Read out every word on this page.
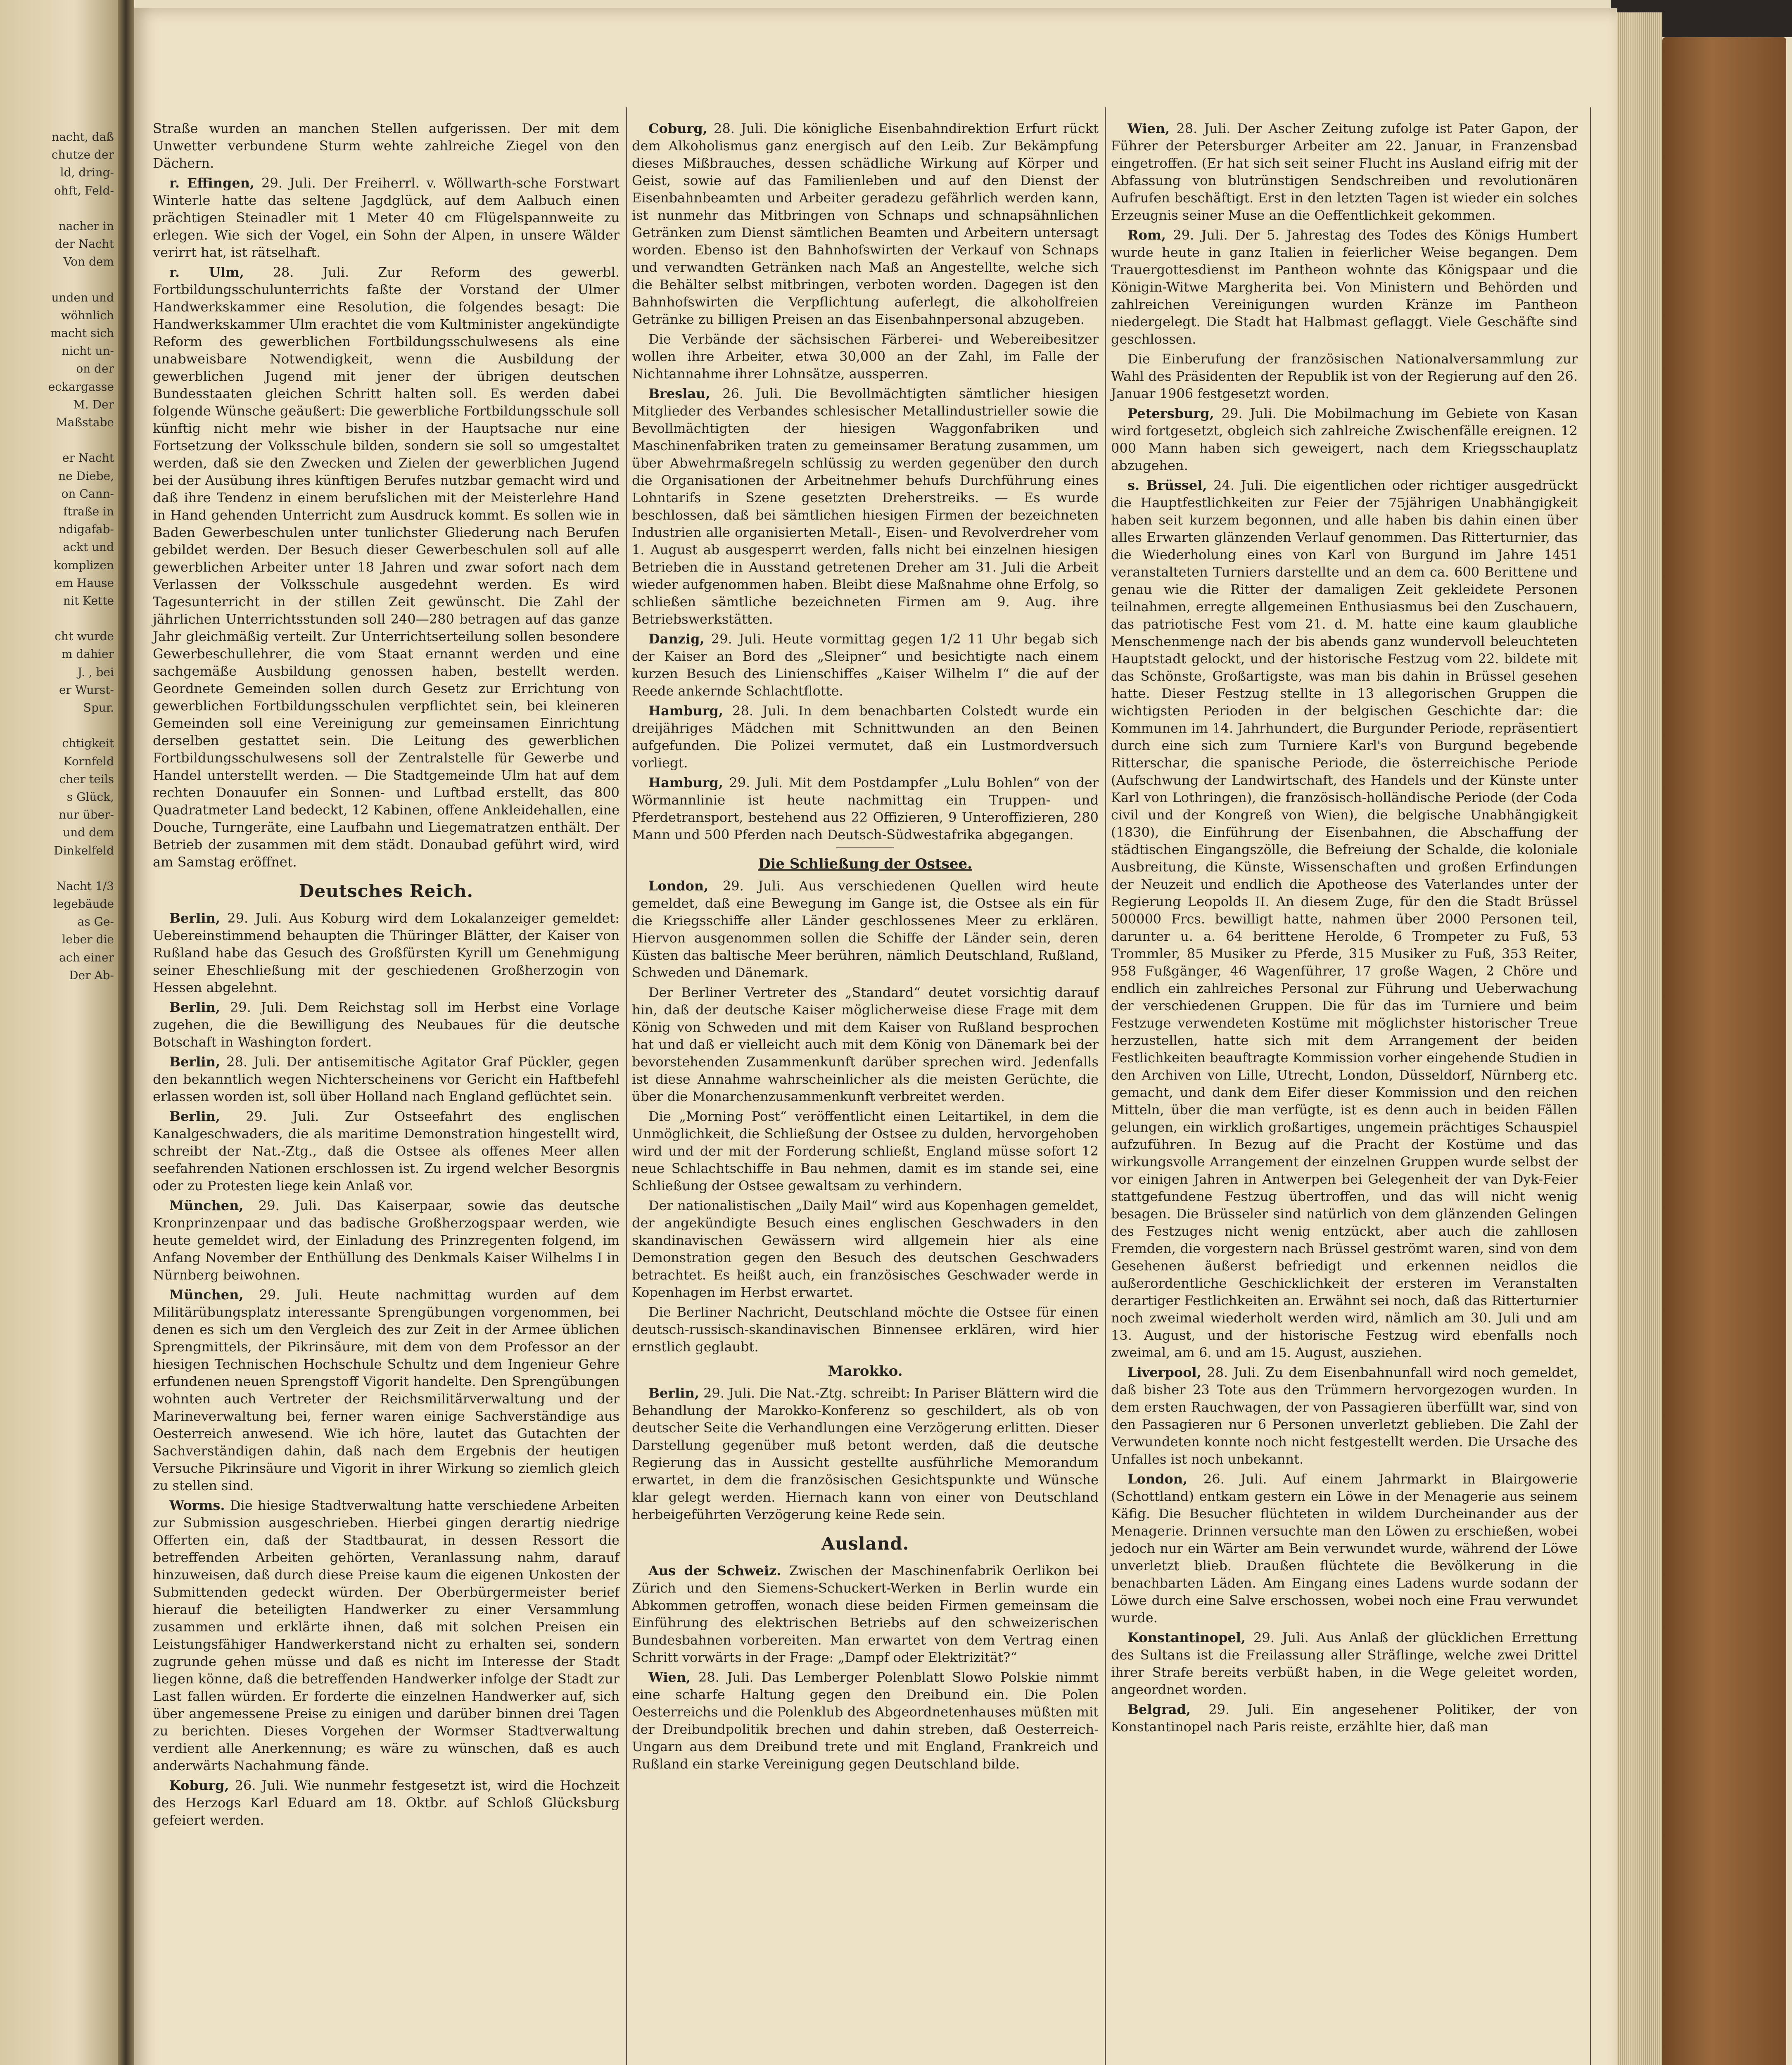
nacht, daß
chutze der
ld, dring-
ohft, Feld-
nacher in
der Nacht
Von dem
unden und
wöhnlich
macht sich
nicht un-
on der
eckargasse
M. Der
Maßstabe
er Nacht
ne Diebe,
on Cann-
ftraße in
ndigafab-
ackt und
komplizen
em Hause
nit Kette
cht wurde
m dahier
J. , bei
er Wurst-
Spur.
chtigkeit
Kornfeld
cher teils
s Glück,
nur über-
und dem
Dinkelfeld
Nacht 1/3
legebäude
as Ge-
leber die
ach einer
Der Ab-

Straße wurden an manchen Stellen aufgerissen. Der mit dem Unwetter verbundene Sturm wehte zahlreiche Ziegel von den Dächern.

r. Effingen, 29. Juli. Der Freiherrl. v. Wöllwarth-sche Forstwart Winterle hatte das seltene Jagdglück, auf dem Aalbuch einen prächtigen Steinadler mit 1 Meter 40 cm Flügelspannweite zu erlegen. Wie sich der Vogel, ein Sohn der Alpen, in unsere Wälder verirrt hat, ist rätselhaft.

r. Ulm, 28. Juli. Zur Reform des gewerbl. Fortbildungsschulunterrichts faßte der Vorstand der Ulmer Handwerkskammer eine Resolution, die folgendes besagt: Die Handwerkskammer Ulm erachtet die vom Kultminister angekündigte Reform des gewerblichen Fortbildungsschulwesens als eine unabweisbare Notwendigkeit, wenn die Ausbildung der gewerblichen Jugend mit jener der übrigen deutschen Bundesstaaten gleichen Schritt halten soll. Es werden dabei folgende Wünsche geäußert: Die gewerbliche Fortbildungsschule soll künftig nicht mehr wie bisher in der Hauptsache nur eine Fortsetzung der Volksschule bilden, sondern sie soll so umgestaltet werden, daß sie den Zwecken und Zielen der gewerblichen Jugend bei der Ausübung ihres künftigen Berufes nutzbar gemacht wird und daß ihre Tendenz in einem berufslichen mit der Meisterlehre Hand in Hand gehenden Unterricht zum Ausdruck kommt. Es sollen wie in Baden Gewerbeschulen unter tunlichster Gliederung nach Berufen gebildet werden. Der Besuch dieser Gewerbeschulen soll auf alle gewerblichen Arbeiter unter 18 Jahren und zwar sofort nach dem Verlassen der Volksschule ausgedehnt werden. Es wird Tagesunterricht in der stillen Zeit gewünscht. Die Zahl der jährlichen Unterrichtsstunden soll 240—280 betragen auf das ganze Jahr gleichmäßig verteilt. Zur Unterrichtserteilung sollen besondere Gewerbeschullehrer, die vom Staat ernannt werden und eine sachgemäße Ausbildung genossen haben, bestellt werden. Geordnete Gemeinden sollen durch Gesetz zur Errichtung von gewerblichen Fortbildungsschulen verpflichtet sein, bei kleineren Gemeinden soll eine Vereinigung zur gemeinsamen Einrichtung derselben gestattet sein. Die Leitung des gewerblichen Fortbildungsschulwesens soll der Zentralstelle für Gewerbe und Handel unterstellt werden. — Die Stadtgemeinde Ulm hat auf dem rechten Donauufer ein Sonnen- und Luftbad erstellt, das 800 Quadratmeter Land bedeckt, 12 Kabinen, offene Ankleidehallen, eine Douche, Turngeräte, eine Laufbahn und Liegematratzen enthält. Der Betrieb der zusammen mit dem städt. Donaubad geführt wird, wird am Samstag eröffnet.

Deutsches Reich.

Berlin, 29. Juli. Aus Koburg wird dem Lokalanzeiger gemeldet: Uebereinstimmend behaupten die Thüringer Blätter, der Kaiser von Rußland habe das Gesuch des Großfürsten Kyrill um Genehmigung seiner Eheschließung mit der geschiedenen Großherzogin von Hessen abgelehnt.

Berlin, 29. Juli. Dem Reichstag soll im Herbst eine Vorlage zugehen, die die Bewilligung des Neubaues für die deutsche Botschaft in Washington fordert.

Berlin, 28. Juli. Der antisemitische Agitator Graf Pückler, gegen den bekanntlich wegen Nichterscheinens vor Gericht ein Haftbefehl erlassen worden ist, soll über Holland nach England geflüchtet sein.

Berlin, 29. Juli. Zur Ostseefahrt des englischen Kanalgeschwaders, die als maritime Demonstration hingestellt wird, schreibt der Nat.-Ztg., daß die Ostsee als offenes Meer allen seefahrenden Nationen erschlossen ist. Zu irgend welcher Besorgnis oder zu Protesten liege kein Anlaß vor.

München, 29. Juli. Das Kaiserpaar, sowie das deutsche Kronprinzenpaar und das badische Großherzogspaar werden, wie heute gemeldet wird, der Einladung des Prinzregenten folgend, im Anfang November der Enthüllung des Denkmals Kaiser Wilhelms I in Nürnberg beiwohnen.

München, 29. Juli. Heute nachmittag wurden auf dem Militärübungsplatz interessante Sprengübungen vorgenommen, bei denen es sich um den Vergleich des zur Zeit in der Armee üblichen Sprengmittels, der Pikrinsäure, mit dem von dem Professor an der hiesigen Technischen Hochschule Schultz und dem Ingenieur Gehre erfundenen neuen Sprengstoff Vigorit handelte. Den Sprengübungen wohnten auch Vertreter der Reichsmilitärverwaltung und der Marineverwaltung bei, ferner waren einige Sachverständige aus Oesterreich anwesend. Wie ich höre, lautet das Gutachten der Sachverständigen dahin, daß nach dem Ergebnis der heutigen Versuche Pikrinsäure und Vigorit in ihrer Wirkung so ziemlich gleich zu stellen sind.

Worms. Die hiesige Stadtverwaltung hatte verschiedene Arbeiten zur Submission ausgeschrieben. Hierbei gingen derartig niedrige Offerten ein, daß der Stadtbaurat, in dessen Ressort die betreffenden Arbeiten gehörten, Veranlassung nahm, darauf hinzuweisen, daß durch diese Preise kaum die eigenen Unkosten der Submittenden gedeckt würden. Der Oberbürgermeister berief hierauf die beteiligten Handwerker zu einer Versammlung zusammen und erklärte ihnen, daß mit solchen Preisen ein Leistungsfähiger Handwerkerstand nicht zu erhalten sei, sondern zugrunde gehen müsse und daß es nicht im Interesse der Stadt liegen könne, daß die betreffenden Handwerker infolge der Stadt zur Last fallen würden. Er forderte die einzelnen Handwerker auf, sich über angemessene Preise zu einigen und darüber binnen drei Tagen zu berichten. Dieses Vorgehen der Wormser Stadtverwaltung verdient alle Anerkennung; es wäre zu wünschen, daß es auch anderwärts Nachahmung fände.

Koburg, 26. Juli. Wie nunmehr festgesetzt ist, wird die Hochzeit des Herzogs Karl Eduard am 18. Oktbr. auf Schloß Glücksburg gefeiert werden.

Coburg, 28. Juli. Die königliche Eisenbahndirektion Erfurt rückt dem Alkoholismus ganz energisch auf den Leib. Zur Bekämpfung dieses Mißbrauches, dessen schädliche Wirkung auf Körper und Geist, sowie auf das Familienleben und auf den Dienst der Eisenbahnbeamten und Arbeiter geradezu gefährlich werden kann, ist nunmehr das Mitbringen von Schnaps und schnapsähnlichen Getränken zum Dienst sämtlichen Beamten und Arbeitern untersagt worden. Ebenso ist den Bahnhofswirten der Verkauf von Schnaps und verwandten Getränken nach Maß an Angestellte, welche sich die Behälter selbst mitbringen, verboten worden. Dagegen ist den Bahnhofswirten die Verpflichtung auferlegt, die alkoholfreien Getränke zu billigen Preisen an das Eisenbahnpersonal abzugeben.

Die Verbände der sächsischen Färberei- und Webereibesitzer wollen ihre Arbeiter, etwa 30,000 an der Zahl, im Falle der Nichtannahme ihrer Lohnsätze, aussperren.

Breslau, 26. Juli. Die Bevollmächtigten sämtlicher hiesigen Mitglieder des Verbandes schlesischer Metallindustrieller sowie die Bevollmächtigten der hiesigen Waggonfabriken und Maschinenfabriken traten zu gemeinsamer Beratung zusammen, um über Abwehrmaßregeln schlüssig zu werden gegenüber den durch die Organisationen der Arbeitnehmer behufs Durchführung eines Lohntarifs in Szene gesetzten Dreherstreiks. — Es wurde beschlossen, daß bei sämtlichen hiesigen Firmen der bezeichneten Industrien alle organisierten Metall-, Eisen- und Revolverdreher vom 1. August ab ausgesperrt werden, falls nicht bei einzelnen hiesigen Betrieben die in Ausstand getretenen Dreher am 31. Juli die Arbeit wieder aufgenommen haben. Bleibt diese Maßnahme ohne Erfolg, so schließen sämtliche bezeichneten Firmen am 9. Aug. ihre Betriebswerkstätten.

Danzig, 29. Juli. Heute vormittag gegen 1/2 11 Uhr begab sich der Kaiser an Bord des „Sleipner“ und besichtigte nach einem kurzen Besuch des Linienschiffes „Kaiser Wilhelm I“ die auf der Reede ankernde Schlachtflotte.

Hamburg, 28. Juli. In dem benachbarten Colstedt wurde ein dreijähriges Mädchen mit Schnittwunden an den Beinen aufgefunden. Die Polizei vermutet, daß ein Lustmordversuch vorliegt.

Hamburg, 29. Juli. Mit dem Postdampfer „Lulu Bohlen“ von der Wörmannlinie ist heute nachmittag ein Truppen- und Pferdetransport, bestehend aus 22 Offizieren, 9 Unteroffizieren, 280 Mann und 500 Pferden nach Deutsch-Südwestafrika abgegangen.

Die Schließung der Ostsee.

London, 29. Juli. Aus verschiedenen Quellen wird heute gemeldet, daß eine Bewegung im Gange ist, die Ostsee als ein für die Kriegsschiffe aller Länder geschlossenes Meer zu erklären. Hiervon ausgenommen sollen die Schiffe der Länder sein, deren Küsten das baltische Meer berühren, nämlich Deutschland, Rußland, Schweden und Dänemark.

Der Berliner Vertreter des „Standard“ deutet vorsichtig darauf hin, daß der deutsche Kaiser möglicherweise diese Frage mit dem König von Schweden und mit dem Kaiser von Rußland besprochen hat und daß er vielleicht auch mit dem König von Dänemark bei der bevorstehenden Zusammenkunft darüber sprechen wird. Jedenfalls ist diese Annahme wahrscheinlicher als die meisten Gerüchte, die über die Monarchenzusammenkunft verbreitet werden.

Die „Morning Post“ veröffentlicht einen Leitartikel, in dem die Unmöglichkeit, die Schließung der Ostsee zu dulden, hervorgehoben wird und der mit der Forderung schließt, England müsse sofort 12 neue Schlachtschiffe in Bau nehmen, damit es im stande sei, eine Schließung der Ostsee gewaltsam zu verhindern.

Der nationalistischen „Daily Mail“ wird aus Kopenhagen gemeldet, der angekündigte Besuch eines englischen Geschwaders in den skandinavischen Gewässern wird allgemein hier als eine Demonstration gegen den Besuch des deutschen Geschwaders betrachtet. Es heißt auch, ein französisches Geschwader werde in Kopenhagen im Herbst erwartet.

Die Berliner Nachricht, Deutschland möchte die Ostsee für einen deutsch-russisch-skandinavischen Binnensee erklären, wird hier ernstlich geglaubt.

Marokko.

Berlin, 29. Juli. Die Nat.-Ztg. schreibt: In Pariser Blättern wird die Behandlung der Marokko-Konferenz so geschildert, als ob von deutscher Seite die Verhandlungen eine Verzögerung erlitten. Dieser Darstellung gegenüber muß betont werden, daß die deutsche Regierung das in Aussicht gestellte ausführliche Memorandum erwartet, in dem die französischen Gesichtspunkte und Wünsche klar gelegt werden. Hiernach kann von einer von Deutschland herbeigeführten Verzögerung keine Rede sein.

Ausland.

Aus der Schweiz. Zwischen der Maschinenfabrik Oerlikon bei Zürich und den Siemens-Schuckert-Werken in Berlin wurde ein Abkommen getroffen, wonach diese beiden Firmen gemeinsam die Einführung des elektrischen Betriebs auf den schweizerischen Bundesbahnen vorbereiten. Man erwartet von dem Vertrag einen Schritt vorwärts in der Frage: „Dampf oder Elektrizität?“

Wien, 28. Juli. Das Lemberger Polenblatt Slowo Polskie nimmt eine scharfe Haltung gegen den Dreibund ein. Die Polen Oesterreichs und die Polenklub des Abgeordnetenhauses müßten mit der Dreibundpolitik brechen und dahin streben, daß Oesterreich-Ungarn aus dem Dreibund trete und mit England, Frankreich und Rußland ein starke Vereinigung gegen Deutschland bilde.

Wien, 28. Juli. Der Ascher Zeitung zufolge ist Pater Gapon, der Führer der Petersburger Arbeiter am 22. Januar, in Franzensbad eingetroffen. (Er hat sich seit seiner Flucht ins Ausland eifrig mit der Abfassung von blutrünstigen Sendschreiben und revolutionären Aufrufen beschäftigt. Erst in den letzten Tagen ist wieder ein solches Erzeugnis seiner Muse an die Oeffentlichkeit gekommen.

Rom, 29. Juli. Der 5. Jahrestag des Todes des Königs Humbert wurde heute in ganz Italien in feierlicher Weise begangen. Dem Trauergottesdienst im Pantheon wohnte das Königspaar und die Königin-Witwe Margherita bei. Von Ministern und Behörden und zahlreichen Vereinigungen wurden Kränze im Pantheon niedergelegt. Die Stadt hat Halbmast geflaggt. Viele Geschäfte sind geschlossen.

Die Einberufung der französischen Nationalversammlung zur Wahl des Präsidenten der Republik ist von der Regierung auf den 26. Januar 1906 festgesetzt worden.

Petersburg, 29. Juli. Die Mobilmachung im Gebiete von Kasan wird fortgesetzt, obgleich sich zahlreiche Zwischenfälle ereignen. 12 000 Mann haben sich geweigert, nach dem Kriegsschauplatz abzugehen.

s. Brüssel, 24. Juli. Die eigentlichen oder richtiger ausgedrückt die Hauptfestlichkeiten zur Feier der 75jährigen Unabhängigkeit haben seit kurzem begonnen, und alle haben bis dahin einen über alles Erwarten glänzenden Verlauf genommen. Das Ritterturnier, das die Wiederholung eines von Karl von Burgund im Jahre 1451 veranstalteten Turniers darstellte und an dem ca. 600 Berittene und genau wie die Ritter der damaligen Zeit gekleidete Personen teilnahmen, erregte allgemeinen Enthusiasmus bei den Zuschauern, das patriotische Fest vom 21. d. M. hatte eine kaum glaubliche Menschenmenge nach der bis abends ganz wundervoll beleuchteten Hauptstadt gelockt, und der historische Festzug vom 22. bildete mit das Schönste, Großartigste, was man bis dahin in Brüssel gesehen hatte. Dieser Festzug stellte in 13 allegorischen Gruppen die wichtigsten Perioden in der belgischen Geschichte dar: die Kommunen im 14. Jahrhundert, die Burgunder Periode, repräsentiert durch eine sich zum Turniere Karl's von Burgund begebende Ritterschar, die spanische Periode, die österreichische Periode (Aufschwung der Landwirtschaft, des Handels und der Künste unter Karl von Lothringen), die französisch-holländische Periode (der Coda civil und der Kongreß von Wien), die belgische Unabhängigkeit (1830), die Einführung der Eisenbahnen, die Abschaffung der städtischen Eingangszölle, die Befreiung der Schalde, die koloniale Ausbreitung, die Künste, Wissenschaften und großen Erfindungen der Neuzeit und endlich die Apotheose des Vaterlandes unter der Regierung Leopolds II. An diesem Zuge, für den die Stadt Brüssel 500000 Frcs. bewilligt hatte, nahmen über 2000 Personen teil, darunter u. a. 64 berittene Herolde, 6 Trompeter zu Fuß, 53 Trommler, 85 Musiker zu Pferde, 315 Musiker zu Fuß, 353 Reiter, 958 Fußgänger, 46 Wagenführer, 17 große Wagen, 2 Chöre und endlich ein zahlreiches Personal zur Führung und Ueberwachung der verschiedenen Gruppen. Die für das im Turniere und beim Festzuge verwendeten Kostüme mit möglichster historischer Treue herzustellen, hatte sich mit dem Arrangement der beiden Festlichkeiten beauftragte Kommission vorher eingehende Studien in den Archiven von Lille, Utrecht, London, Düsseldorf, Nürnberg etc. gemacht, und dank dem Eifer dieser Kommission und den reichen Mitteln, über die man verfügte, ist es denn auch in beiden Fällen gelungen, ein wirklich großartiges, ungemein prächtiges Schauspiel aufzuführen. In Bezug auf die Pracht der Kostüme und das wirkungsvolle Arrangement der einzelnen Gruppen wurde selbst der vor einigen Jahren in Antwerpen bei Gelegenheit der van Dyk-Feier stattgefundene Festzug übertroffen, und das will nicht wenig besagen. Die Brüsseler sind natürlich von dem glänzenden Gelingen des Festzuges nicht wenig entzückt, aber auch die zahllosen Fremden, die vorgestern nach Brüssel geströmt waren, sind von dem Gesehenen äußerst befriedigt und erkennen neidlos die außerordentliche Geschicklichkeit der ersteren im Veranstalten derartiger Festlichkeiten an. Erwähnt sei noch, daß das Ritterturnier noch zweimal wiederholt werden wird, nämlich am 30. Juli und am 13. August, und der historische Festzug wird ebenfalls noch zweimal, am 6. und am 15. August, ausziehen.

Liverpool, 28. Juli. Zu dem Eisenbahnunfall wird noch gemeldet, daß bisher 23 Tote aus den Trümmern hervorgezogen wurden. In dem ersten Rauchwagen, der von Passagieren überfüllt war, sind von den Passagieren nur 6 Personen unverletzt geblieben. Die Zahl der Verwundeten konnte noch nicht festgestellt werden. Die Ursache des Unfalles ist noch unbekannt.

London, 26. Juli. Auf einem Jahrmarkt in Blairgowerie (Schottland) entkam gestern ein Löwe in der Menagerie aus seinem Käfig. Die Besucher flüchteten in wildem Durcheinander aus der Menagerie. Drinnen versuchte man den Löwen zu erschießen, wobei jedoch nur ein Wärter am Bein verwundet wurde, während der Löwe unverletzt blieb. Draußen flüchtete die Bevölkerung in die benachbarten Läden. Am Eingang eines Ladens wurde sodann der Löwe durch eine Salve erschossen, wobei noch eine Frau verwundet wurde.

Konstantinopel, 29. Juli. Aus Anlaß der glücklichen Errettung des Sultans ist die Freilassung aller Sträflinge, welche zwei Drittel ihrer Strafe bereits verbüßt haben, in die Wege geleitet worden, angeordnet worden.

Belgrad, 29. Juli. Ein angesehener Politiker, der von Konstantinopel nach Paris reiste, erzählte hier, daß man
